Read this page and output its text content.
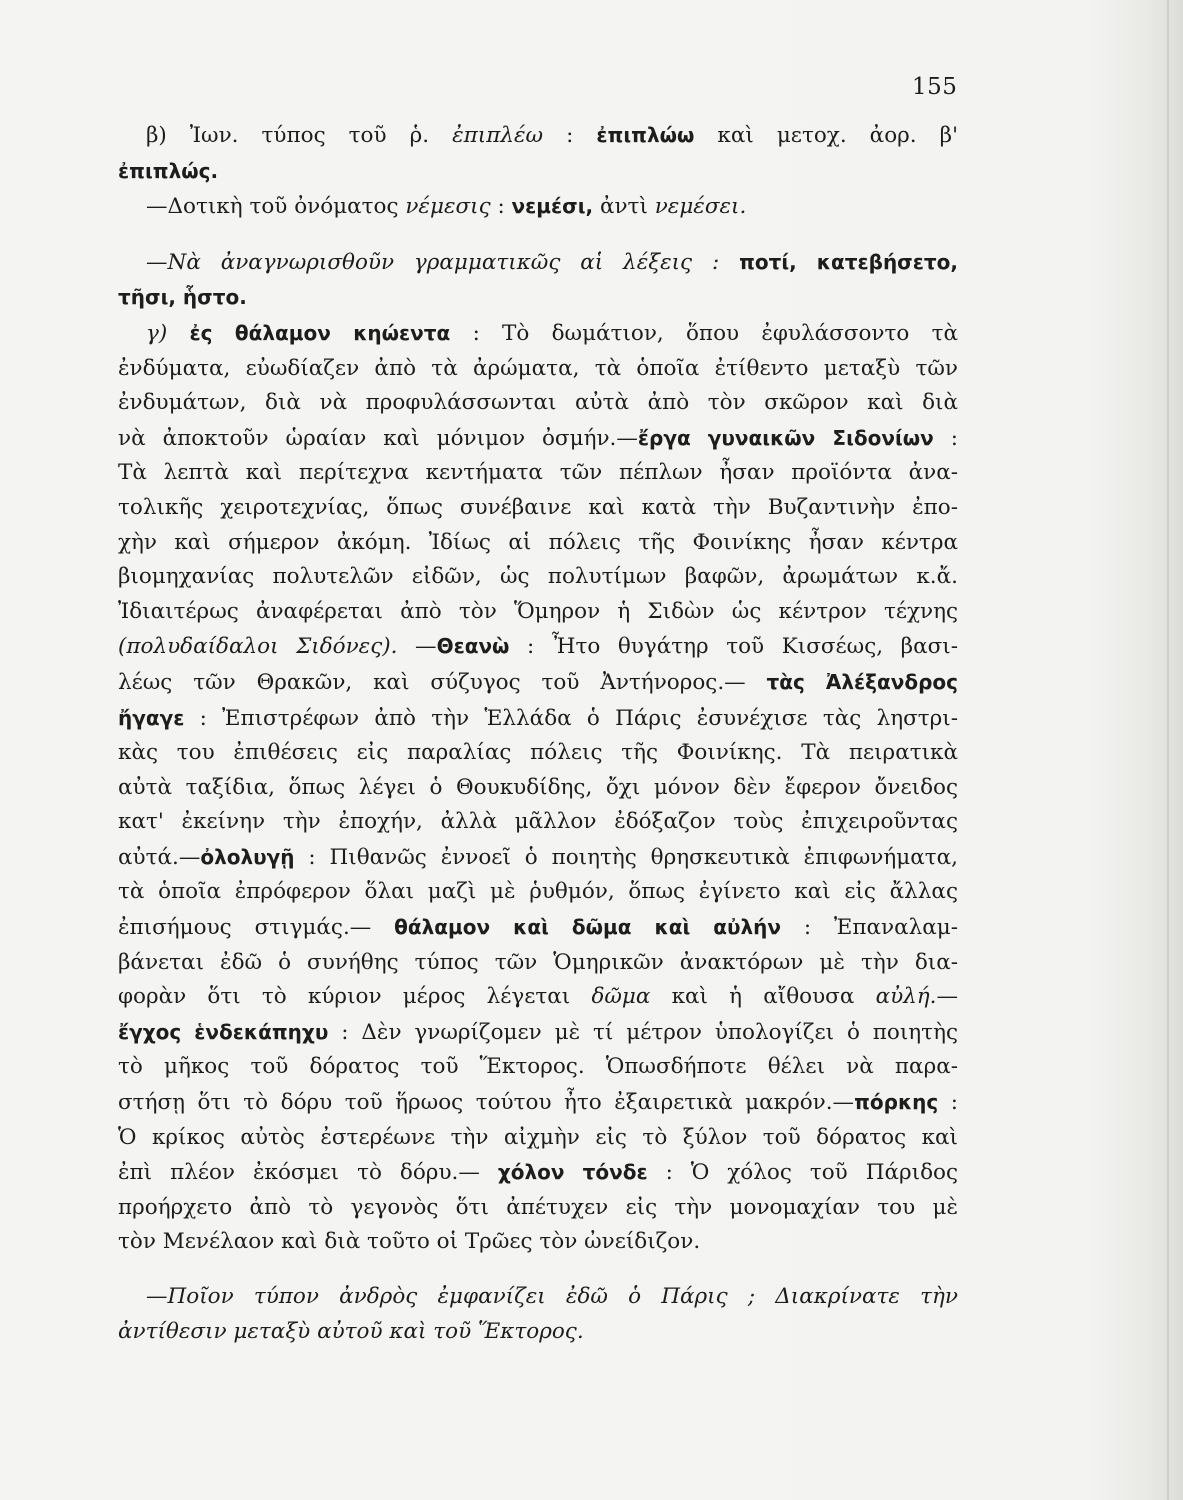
155
β) Ἰων. τύπος τοῦ ῥ. ἐπιπλέω : ἐπιπλώω καὶ μετοχ. ἀορ. β'
ἐπιπλώς.
—Δοτικὴ τοῦ ὀνόματος νέμεσις : νεμέσι, ἀντὶ νεμέσει.
—Νὰ ἀναγνωρισθοῦν γραμματικῶς αἱ λέξεις : ποτί, κατεβήσετο,
τῆσι, ἧστο.
γ) ἐς θάλαμον κηώεντα : Τὸ δωμάτιον, ὅπου ἐφυλάσσοντο τὰ
ἐνδύματα, εὐωδίαζεν ἀπὸ τὰ ἀρώματα, τὰ ὁποῖα ἐτίθεντο μεταξὺ τῶν
ἐνδυμάτων, διὰ νὰ προφυλάσσωνται αὐτὰ ἀπὸ τὸν σκῶρον καὶ διὰ
νὰ ἀποκτοῦν ὡραίαν καὶ μόνιμον ὀσμήν.—ἔργα γυναικῶν Σιδονίων :
Τὰ λεπτὰ καὶ περίτεχνα κεντήματα τῶν πέπλων ἦσαν προϊόντα ἀνα-
τολικῆς χειροτεχνίας, ὅπως συνέβαινε καὶ κατὰ τὴν Βυζαντινὴν ἐπο-
χὴν καὶ σήμερον ἀκόμη. Ἰδίως αἱ πόλεις τῆς Φοινίκης ἦσαν κέντρα
βιομηχανίας πολυτελῶν εἰδῶν, ὡς πολυτίμων βαφῶν, ἀρωμάτων κ.ἄ.
Ἰδιαιτέρως ἀναφέρεται ἀπὸ τὸν Ὅμηρον ἡ Σιδὼν ὡς κέντρον τέχνης
(πολυδαίδαλοι Σιδόνες). —Θεανὼ : Ἦτο θυγάτηρ τοῦ Κισσέως, βασι-
λέως τῶν Θρακῶν, καὶ σύζυγος τοῦ Ἀντήνορος.— τὰς Ἀλέξανδρος
ἤγαγε : Ἐπιστρέφων ἀπὸ τὴν Ἑλλάδα ὁ Πάρις ἐσυνέχισε τὰς ληστρι-
κὰς του ἐπιθέσεις εἰς παραλίας πόλεις τῆς Φοινίκης. Τὰ πειρατικὰ
αὐτὰ ταξίδια, ὅπως λέγει ὁ Θουκυδίδης, ὄχι μόνον δὲν ἔφερον ὄνειδος
κατ' ἐκείνην τὴν ἐποχήν, ἀλλὰ μᾶλλον ἐδόξαζον τοὺς ἐπιχειροῦντας
αὐτά.—ὀλολυγῇ : Πιθανῶς ἐννοεῖ ὁ ποιητὴς θρησκευτικὰ ἐπιφωνήματα,
τὰ ὁποῖα ἐπρόφερον ὅλαι μαζὶ μὲ ῥυθμόν, ὅπως ἐγίνετο καὶ εἰς ἄλλας
ἐπισήμους στιγμάς.— θάλαμον καὶ δῶμα καὶ αὐλήν : Ἐπαναλαμ-
βάνεται ἐδῶ ὁ συνήθης τύπος τῶν Ὁμηρικῶν ἀνακτόρων μὲ τὴν δια-
φορὰν ὅτι τὸ κύριον μέρος λέγεται δῶμα καὶ ἡ αἴθουσα αὐλή.—
ἔγχος ἑνδεκάπηχυ : Δὲν γνωρίζομεν μὲ τί μέτρον ὑπολογίζει ὁ ποιητὴς
τὸ μῆκος τοῦ δόρατος τοῦ Ἕκτορος. Ὁπωσδήποτε θέλει νὰ παρα-
στήσῃ ὅτι τὸ δόρυ τοῦ ἥρωος τούτου ἦτο ἐξαιρετικὰ μακρόν.—πόρκης :
Ὁ κρίκος αὐτὸς ἐστερέωνε τὴν αἰχμὴν εἰς τὸ ξύλον τοῦ δόρατος καὶ
ἐπὶ πλέον ἐκόσμει τὸ δόρυ.— χόλον τόνδε : Ὁ χόλος τοῦ Πάριδος
προήρχετο ἀπὸ τὸ γεγονὸς ὅτι ἀπέτυχεν εἰς τὴν μονομαχίαν του μὲ
τὸν Μενέλαον καὶ διὰ τοῦτο οἱ Τρῶες τὸν ὠνείδιζον.
—Ποῖον τύπον ἀνδρὸς ἐμφανίζει ἐδῶ ὁ Πάρις ; Διακρίνατε τὴν
ἀντίθεσιν μεταξὺ αὐτοῦ καὶ τοῦ Ἕκτορος.
